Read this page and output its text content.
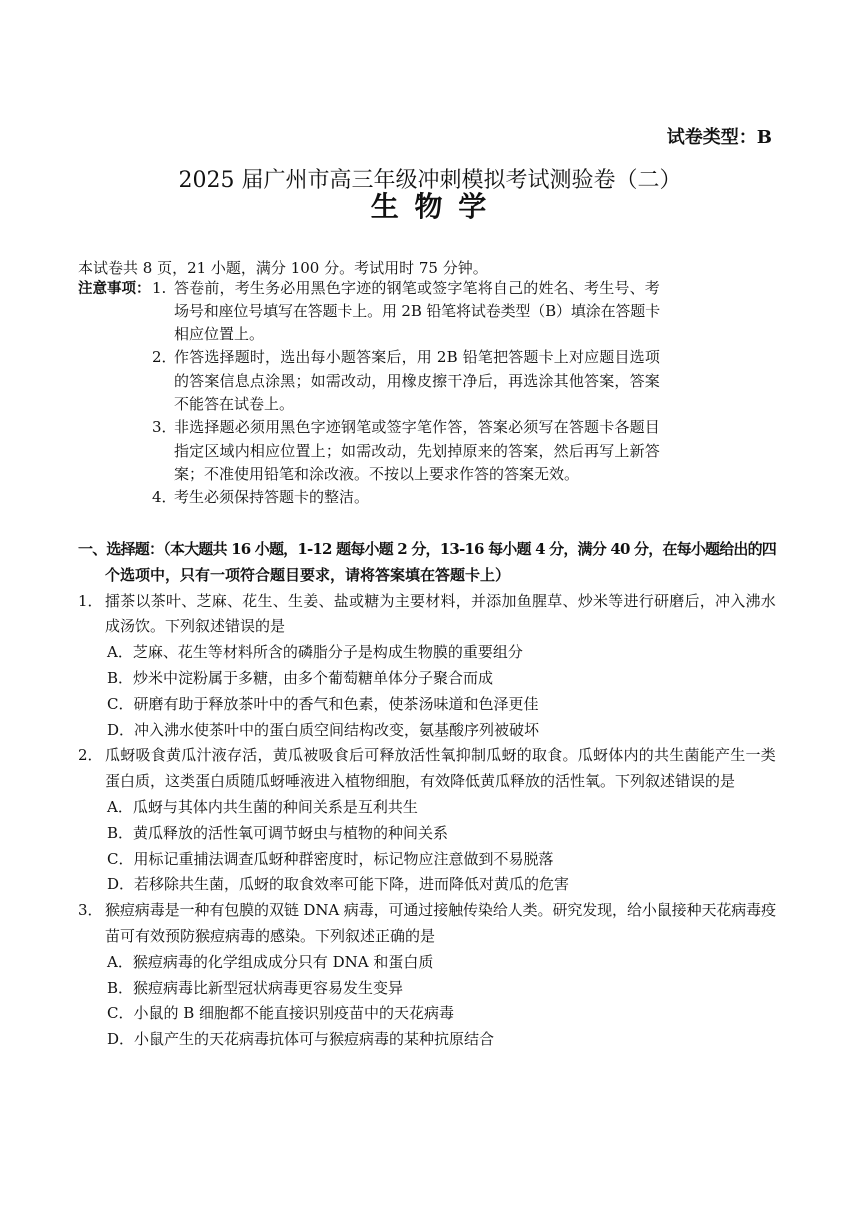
试卷类型：B
2025 届广州市高三年级冲刺模拟考试测验卷（二）
生 物 学
本试卷共 8 页，21 小题，满分 100 分。考试用时 75 分钟。
注意事项： 1. 答卷前，考生务必用黑色字迹的钢笔或签字笔将自己的姓名、考生号、考
场号和座位号填写在答题卡上。用 2B 铅笔将试卷类型（B）填涂在答题卡
相应位置上。
2．
作答选择题时，选出每小题答案后，用 2B 铅笔把答题卡上对应题目选项
的答案信息点涂黑；如需改动，用橡皮擦干净后，再选涂其他答案，答案
不能答在试卷上。
3．
非选择题必须用黑色字迹钢笔或签字笔作答，答案必须写在答题卡各题目
指定区域内相应位置上；如需改动，先划掉原来的答案，然后再写上新答
案；不准使用铅笔和涂改液。不按以上要求作答的答案无效。
4．
考生必须保持答题卡的整洁。
一、选择题：（本大题共 16 小题，1-12 题每小题 2 分，13-16 每小题 4 分，满分 40 分，在每小题给出的四
个选项中，只有一项符合题目要求，请将答案填在答题卡上）
1． 擂茶以茶叶、芝麻、花生、生姜、盐或糖为主要材料，并添加鱼腥草、炒米等进行研磨后，冲入沸水
成汤饮。下列叙述错误的是
A．芝麻、花生等材料所含的磷脂分子是构成生物膜的重要组分
B．炒米中淀粉属于多糖，由多个葡萄糖单体分子聚合而成
C．研磨有助于释放茶叶中的香气和色素，使茶汤味道和色泽更佳
D．冲入沸水使茶叶中的蛋白质空间结构改变，氨基酸序列被破坏
2． 瓜蚜吸食黄瓜汁液存活，黄瓜被吸食后可释放活性氧抑制瓜蚜的取食。瓜蚜体内的共生菌能产生一类
蛋白质，这类蛋白质随瓜蚜唾液进入植物细胞，有效降低黄瓜释放的活性氧。下列叙述错误的是
A．瓜蚜与其体内共生菌的种间关系是互利共生
B．黄瓜释放的活性氧可调节蚜虫与植物的种间关系
C．用标记重捕法调查瓜蚜种群密度时，标记物应注意做到不易脱落
D．若移除共生菌，瓜蚜的取食效率可能下降，进而降低对黄瓜的危害
3． 猴痘病毒是一种有包膜的双链 DNA 病毒，可通过接触传染给人类。研究发现，给小鼠接种天花病毒疫
苗可有效预防猴痘病毒的感染。下列叙述正确的是
A．猴痘病毒的化学组成成分只有 DNA 和蛋白质
B．猴痘病毒比新型冠状病毒更容易发生变异
C．小鼠的 B 细胞都不能直接识别疫苗中的天花病毒
D．小鼠产生的天花病毒抗体可与猴痘病毒的某种抗原结合
